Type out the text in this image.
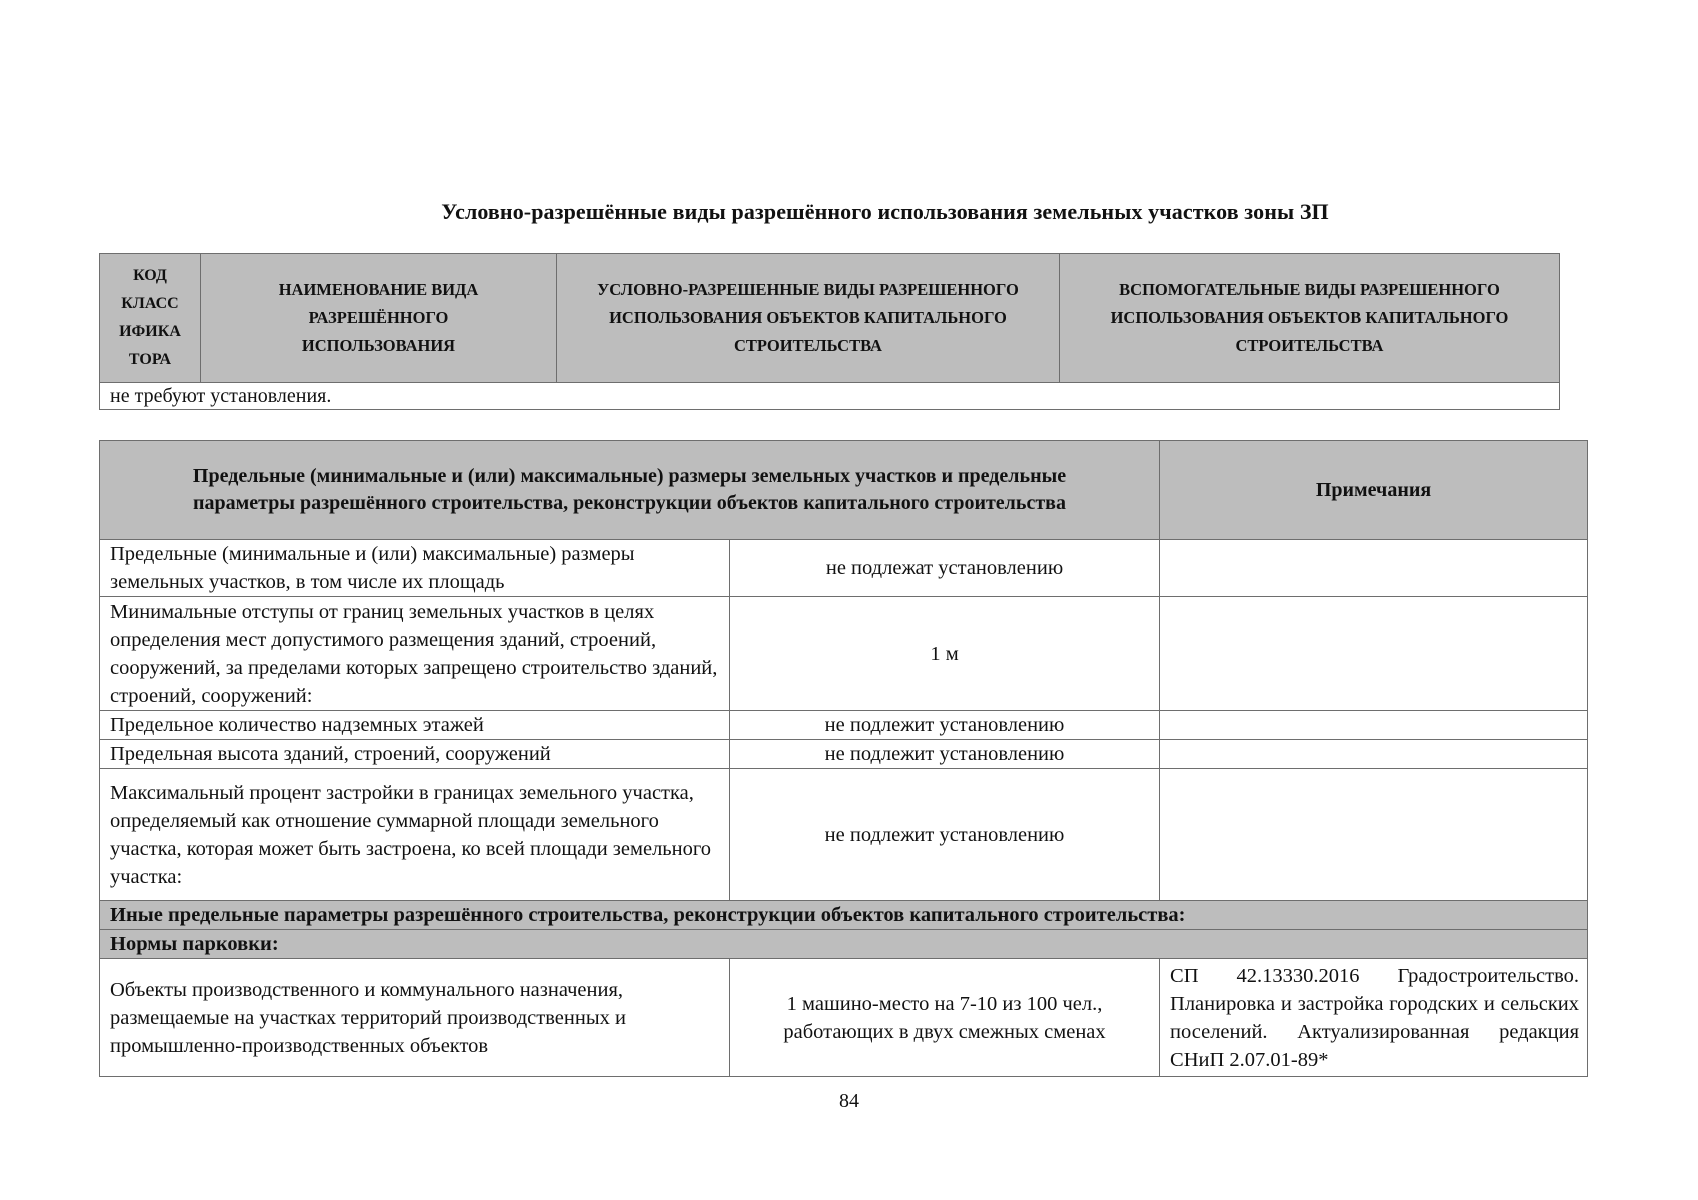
Условно-разрешённые виды разрешённого использования земельных участков зоны ЗП
КОД КЛАСС ИФИКА ТОРА	НАИМЕНОВАНИЕ ВИДА РАЗРЕШЁННОГО ИСПОЛЬЗОВАНИЯ	УСЛОВНО-РАЗРЕШЕННЫЕ ВИДЫ РАЗРЕШЕННОГО ИСПОЛЬЗОВАНИЯ ОБЪЕКТОВ КАПИТАЛЬНОГО СТРОИТЕЛЬСТВА	ВСПОМОГАТЕЛЬНЫЕ ВИДЫ РАЗРЕШЕННОГО ИСПОЛЬЗОВАНИЯ ОБЪЕКТОВ КАПИТАЛЬНОГО СТРОИТЕЛЬСТВА
не требуют установления.
Предельные (минимальные и (или) максимальные) размеры земельных участков и предельные параметры разрешённого строительства, реконструкции объектов капитального строительства		Примечания
Предельные (минимальные и (или) максимальные) размеры земельных участков, в том числе их площадь	не подлежат установлению	
Минимальные отступы от границ земельных участков в целях определения мест допустимого размещения зданий, строений, сооружений, за пределами которых запрещено строительство зданий, строений, сооружений:	1 м	
Предельное количество надземных этажей	не подлежит установлению	
Предельная высота зданий, строений, сооружений	не подлежит установлению	
Максимальный процент застройки в границах земельного участка, определяемый как отношение суммарной площади земельного участка, которая может быть застроена, ко всей площади земельного участка:	не подлежит установлению	
Иные предельные параметры разрешённого строительства, реконструкции объектов капитального строительства:		
Нормы парковки:		
Объекты производственного и коммунального назначения, размещаемые на участках территорий производственных и промышленно-производственных объектов	1 машино-место на 7-10 из 100 чел., работающих в двух смежных сменах	СП 42.13330.2016 Градостроительство. Планировка и застройка городских и сельских поселений. Актуализированная редакция СНиП 2.07.01-89*
84
